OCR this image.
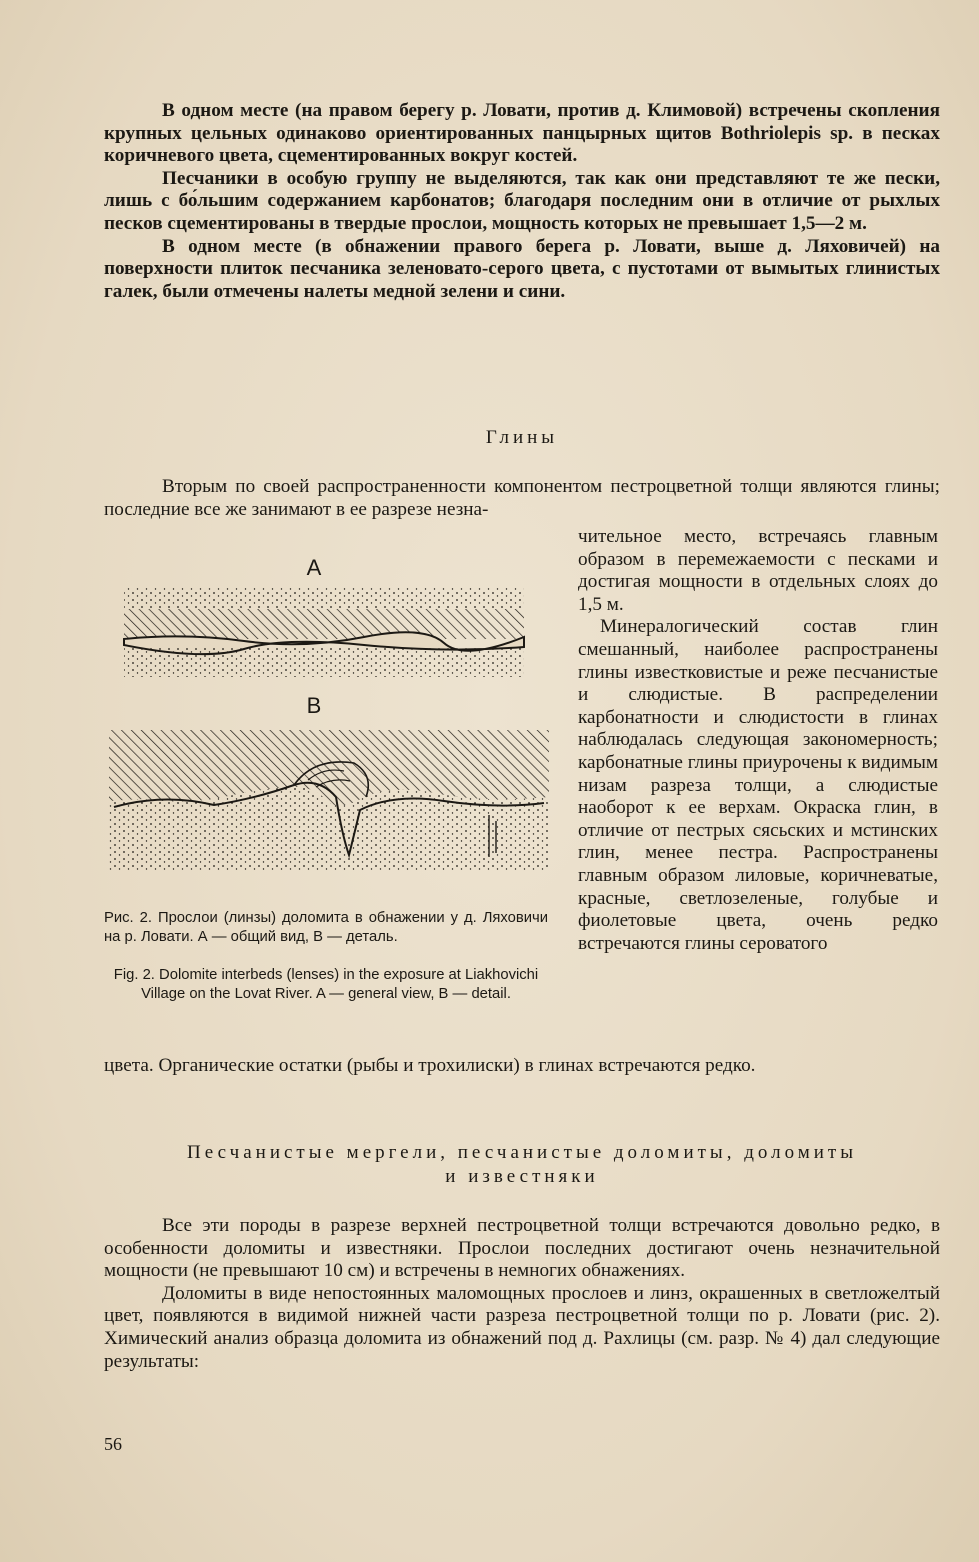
В одном месте (на правом берегу р. Ловати, против д. Климовой) встречены скопления крупных цельных одинаково ориентированных панцырных щитов Bothriolepis sp. в песках коричневого цвета, сцементированных вокруг костей.

Песчаники в особую группу не выделяются, так как они представляют те же пески, лишь с бо́льшим содержанием карбонатов; благодаря последним они в отличие от рыхлых песков сцементированы в твердые прослои, мощность которых не превышает 1,5—2 м.

В одном месте (в обнажении правого берега р. Ловати, выше д. Ляховичей) на поверхности плиток песчаника зеленовато-серого цвета, с пустотами от вымытых глинистых галек, были отмечены налеты медной зелени и сини.

Глины

Вторым по своей распространенности компонентом пестроцветной толщи являются глины; последние все же занимают в ее разрезе незна-

А
В
Рис. 2. Прослои (линзы) доломита в обнажении у д. Ляховичи на р. Ловати. А — общий вид, В — деталь.
Fig. 2. Dolomite interbeds (lenses) in the exposure at Liakhovichi Village on the Lovat River. A — general view, B — detail.

чительное место, встречаясь главным образом в перемежаемости с песками и достигая мощности в отдельных слоях до 1,5 м.

Минералогический состав глин смешанный, наиболее распространены глины известковистые и реже песчанистые и слюдистые. В распределении карбонатности и слюдистости в глинах наблюдалась следующая закономерность; карбонатные глины приурочены к видимым низам разреза толщи, а слюдистые наоборот к ее верхам. Окраска глин, в отличие от пестрых сясьских и мстинских глин, менее пестра. Распространены главным образом лиловые, коричневатые, красные, светлозеленые, голубые и фиолетовые цвета, очень редко встречаются глины сероватого

цвета. Органические остатки (рыбы и трохилиски) в глинах встречаются редко.

Песчанистые мергели, песчанистые доломиты, доломиты
и известняки

Все эти породы в разрезе верхней пестроцветной толщи встречаются довольно редко, в особенности доломиты и известняки. Прослои последних достигают очень незначительной мощности (не превышают 10 см) и встречены в немногих обнажениях.

Доломиты в виде непостоянных маломощных прослоев и линз, окрашенных в светложелтый цвет, появляются в видимой нижней части разреза пестроцветной толщи по р. Ловати (рис. 2). Химический анализ образца доломита из обнажений под д. Рахлицы (см. разр. № 4) дал следующие результаты:

56
